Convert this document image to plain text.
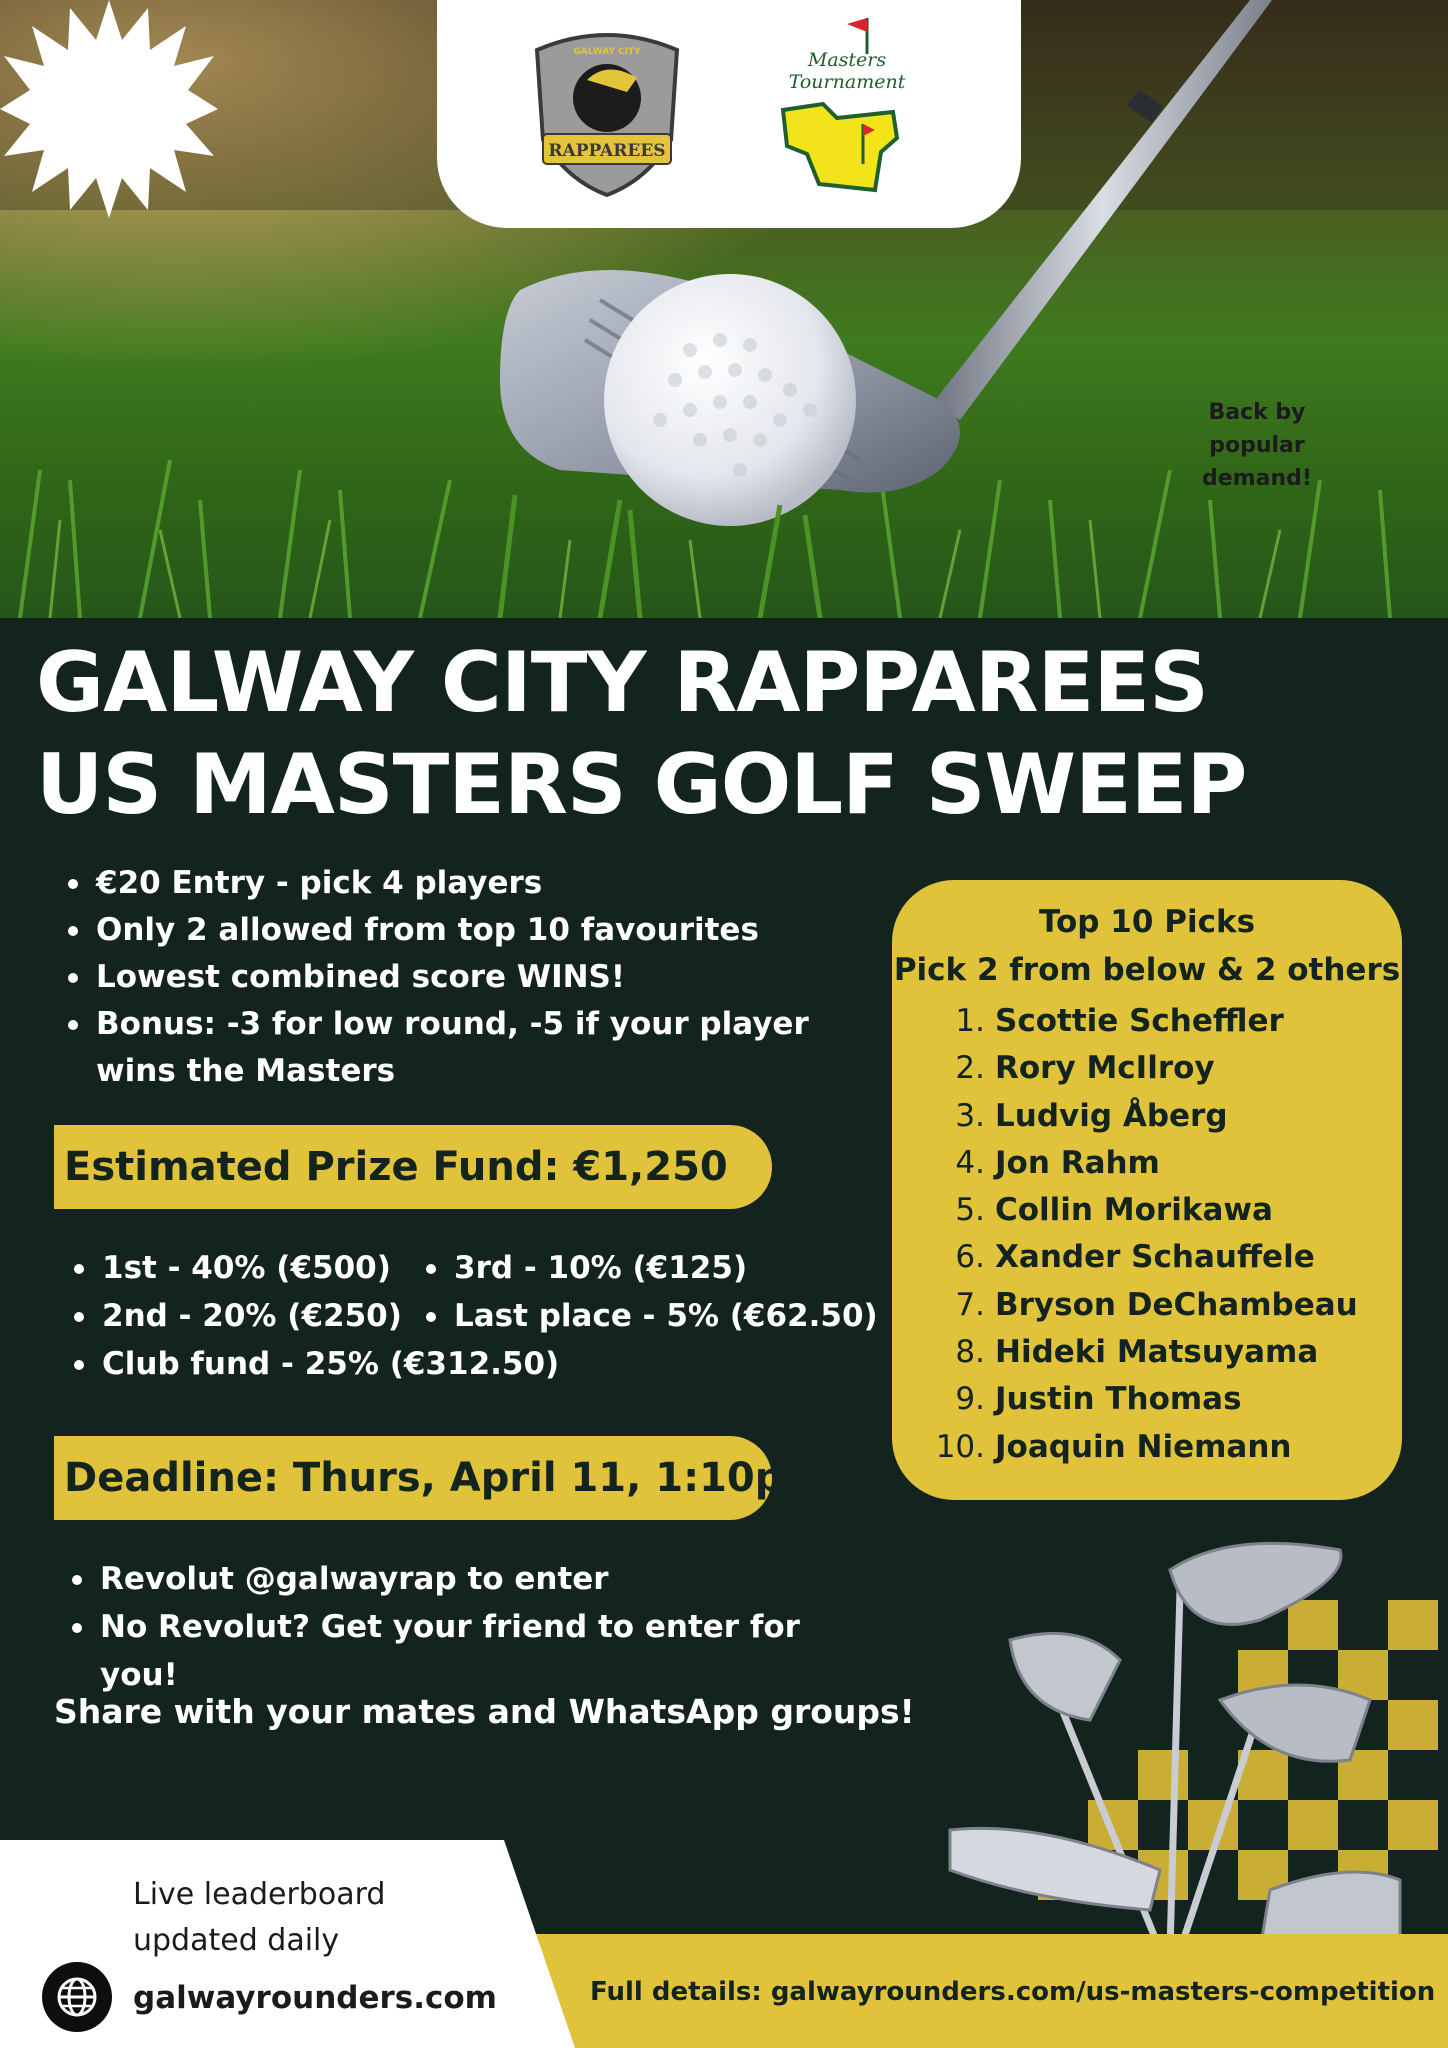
RAPPAREES
GALWAY CITY	Masters
Tournament
Back by
popular
demand!
GALWAY CITY RAPPAREES
US MASTERS GOLF SWEEP
€20 Entry - pick 4 players
Only 2 allowed from top 10 favourites
Lowest combined score WINS!
Bonus: -3 for low round, -5 if your player
wins the Masters
Estimated Prize Fund: €1,250
1st - 40% (€500)
2nd - 20% (€250)
Club fund - 25% (€312.50)
3rd - 10% (€125)
Last place - 5% (€62.50)
Deadline: Thurs, April 11, 1:10pm
Revolut @galwayrap to enter
No Revolut? Get your friend to enter for you!
Share with your mates and WhatsApp groups!
Top 10 Picks
Pick 2 from below & 2 others
1. Scottie Scheffler
2. Rory McIlroy
3. Ludvig Åberg
4. Jon Rahm
5. Collin Morikawa
6. Xander Schauffele
7. Bryson DeChambeau
8. Hideki Matsuyama
9. Justin Thomas
10. Joaquin Niemann
Full details: galwayrounders.com/us-masters-competition
Live leaderboard
updated daily
galwayrounders.com
